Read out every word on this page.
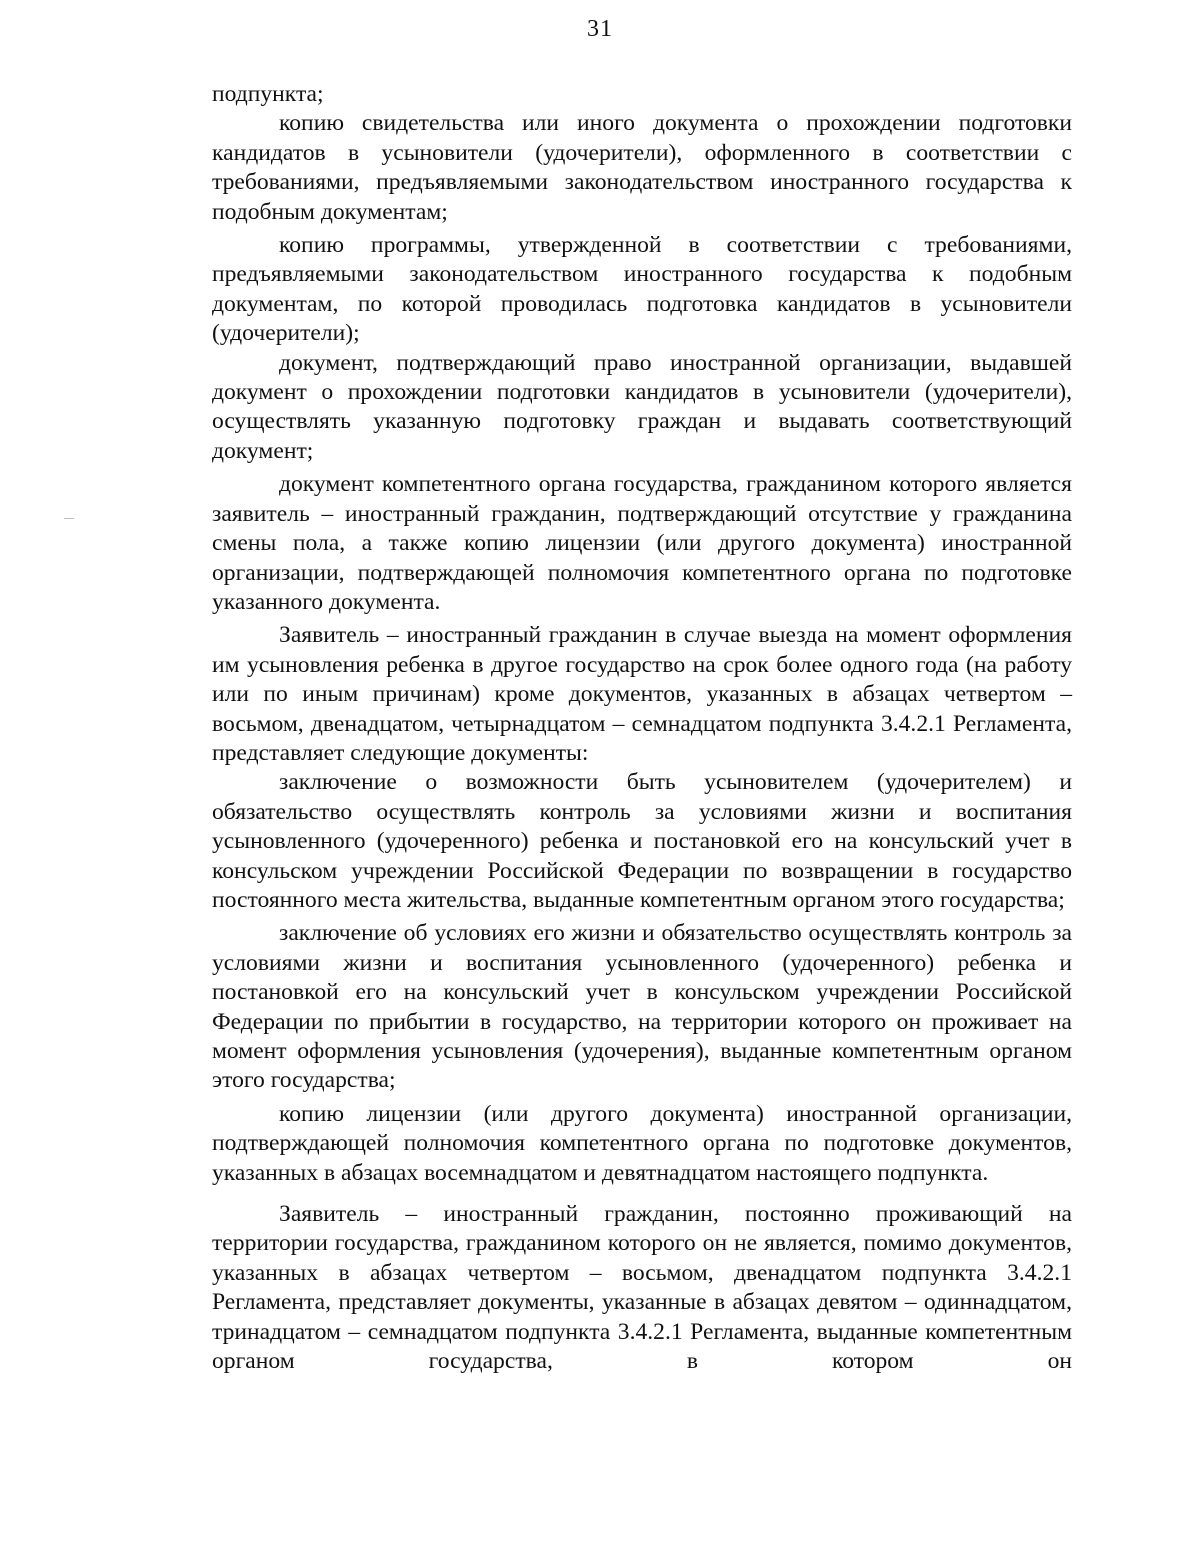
31

подпункта;

копию свидетельства или иного документа о прохождении подготовки кандидатов в усыновители (удочерители), оформленного в соответствии с требованиями, предъявляемыми законодательством иностранного государства к подобным документам;

копию программы, утвержденной в соответствии с требованиями, предъявляемыми законодательством иностранного государства к подобным документам, по которой проводилась подготовка кандидатов в усыновители (удочерители);

документ, подтверждающий право иностранной организации, выдавшей документ о прохождении подготовки кандидатов в усыновители (удочерители), осуществлять указанную подготовку граждан и выдавать соответствующий документ;

документ компетентного органа государства, гражданином которого является заявитель – иностранный гражданин, подтверждающий отсутствие у гражданина смены пола, а также копию лицензии (или другого документа) иностранной организации, подтверждающей полномочия компетентного органа по подготовке указанного документа.

Заявитель – иностранный гражданин в случае выезда на момент оформления им усыновления ребенка в другое государство на срок более одного года (на работу или по иным причинам) кроме документов, указанных в абзацах четвертом – восьмом, двенадцатом, четырнадцатом – семнадцатом подпункта 3.4.2.1 Регламента, представляет следующие документы:

заключение о возможности быть усыновителем (удочерителем) и обязательство осуществлять контроль за условиями жизни и воспитания усыновленного (удочеренного) ребенка и постановкой его на консульский учет в консульском учреждении Российской Федерации по возвращении в государство постоянного места жительства, выданные компетентным органом этого государства;

заключение об условиях его жизни и обязательство осуществлять контроль за условиями жизни и воспитания усыновленного (удочеренного) ребенка и постановкой его на консульский учет в консульском учреждении Российской Федерации по прибытии в государство, на территории которого он проживает на момент оформления усыновления (удочерения), выданные компетентным органом этого государства;

копию лицензии (или другого документа) иностранной организации, подтверждающей полномочия компетентного органа по подготовке документов, указанных в абзацах восемнадцатом и девятнадцатом настоящего подпункта.

Заявитель – иностранный гражданин, постоянно проживающий на территории государства, гражданином которого он не является, помимо документов, указанных в абзацах четвертом – восьмом, двенадцатом подпункта 3.4.2.1 Регламента, представляет документы, указанные в абзацах девятом – одиннадцатом, тринадцатом – семнадцатом подпункта 3.4.2.1 Регламента, выданные компетентным органом государства, в котором он
